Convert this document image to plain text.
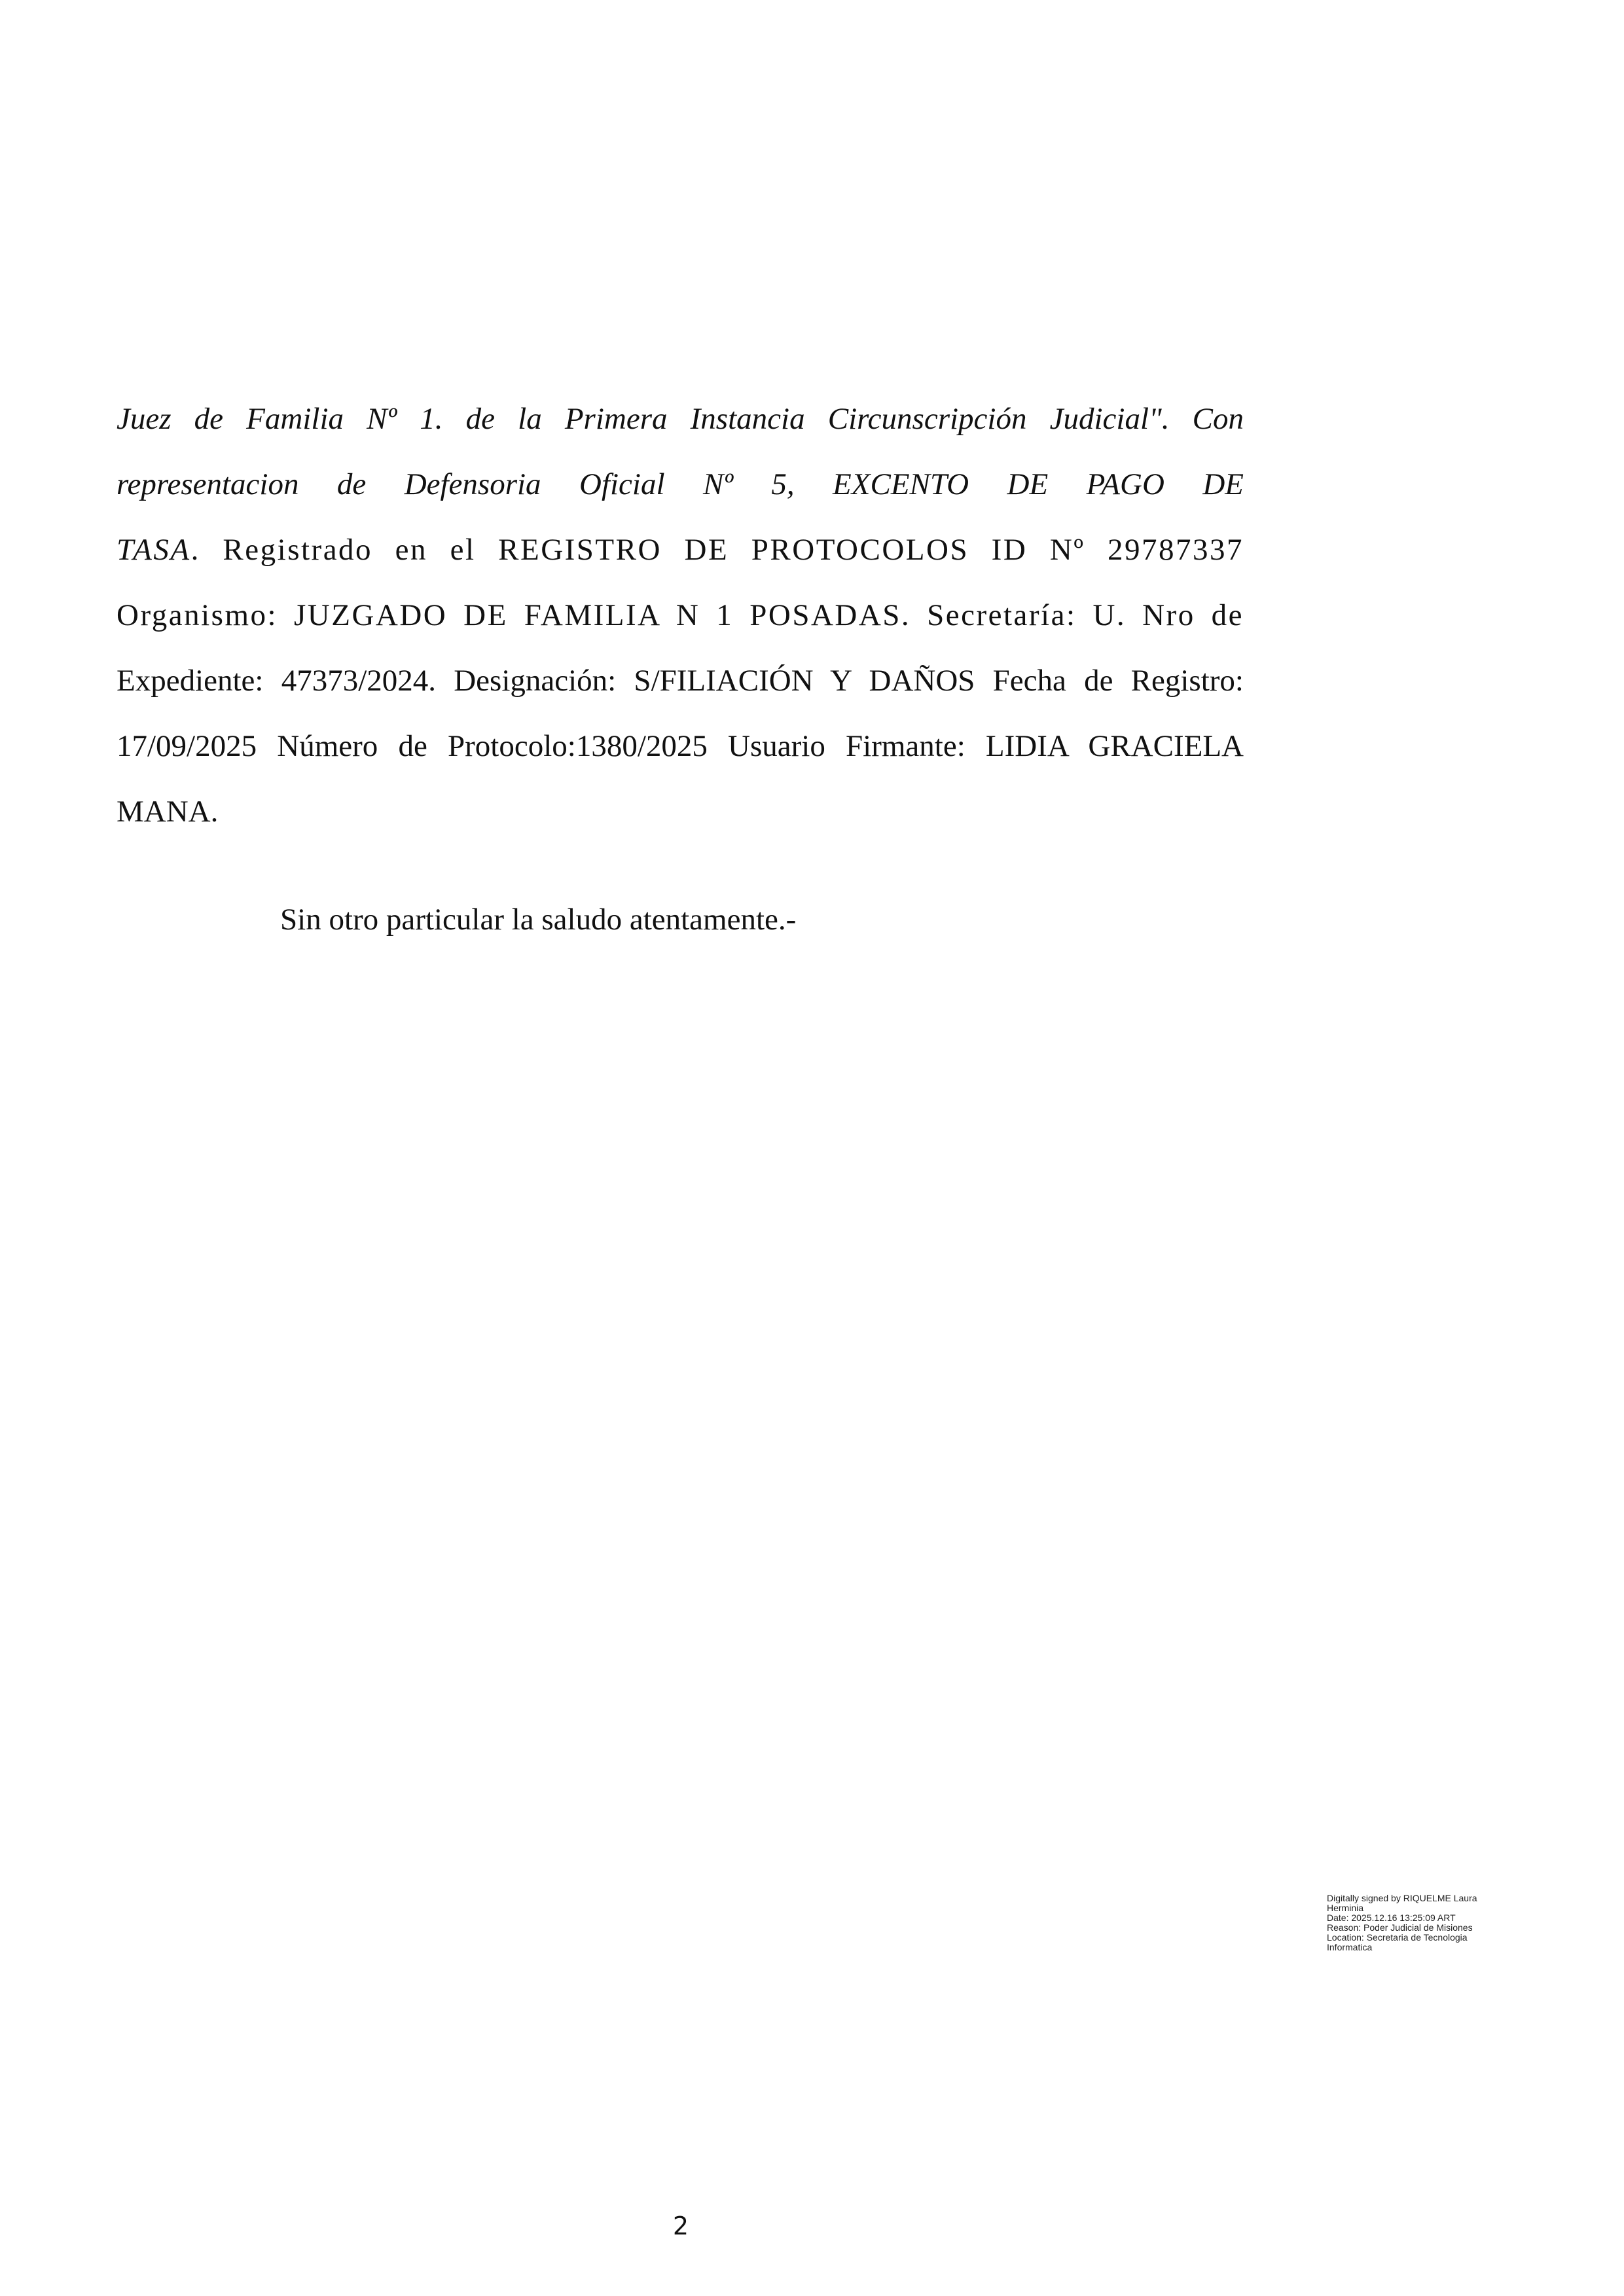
Juez de Familia Nº 1. de la Primera Instancia Circunscripción Judicial". Con
representacion de Defensoria Oficial Nº 5, EXCENTO DE PAGO DE
TASA. Registrado en el REGISTRO DE PROTOCOLOS ID Nº 29787337
Organismo: JUZGADO DE FAMILIA N 1 POSADAS. Secretaría: U. Nro de
Expediente: 47373/2024. Designación: S/FILIACIÓN Y DAÑOS Fecha de Registro:
17/09/2025 Número de Protocolo:1380/2025 Usuario Firmante: LIDIA GRACIELA
MANA.
Sin otro particular la saludo atentamente.-
Digitally signed by RIQUELME Laura
Herminia
Date: 2025.12.16 13:25:09 ART
Reason: Poder Judicial de Misiones
Location: Secretaria de Tecnologia
Informatica
2
